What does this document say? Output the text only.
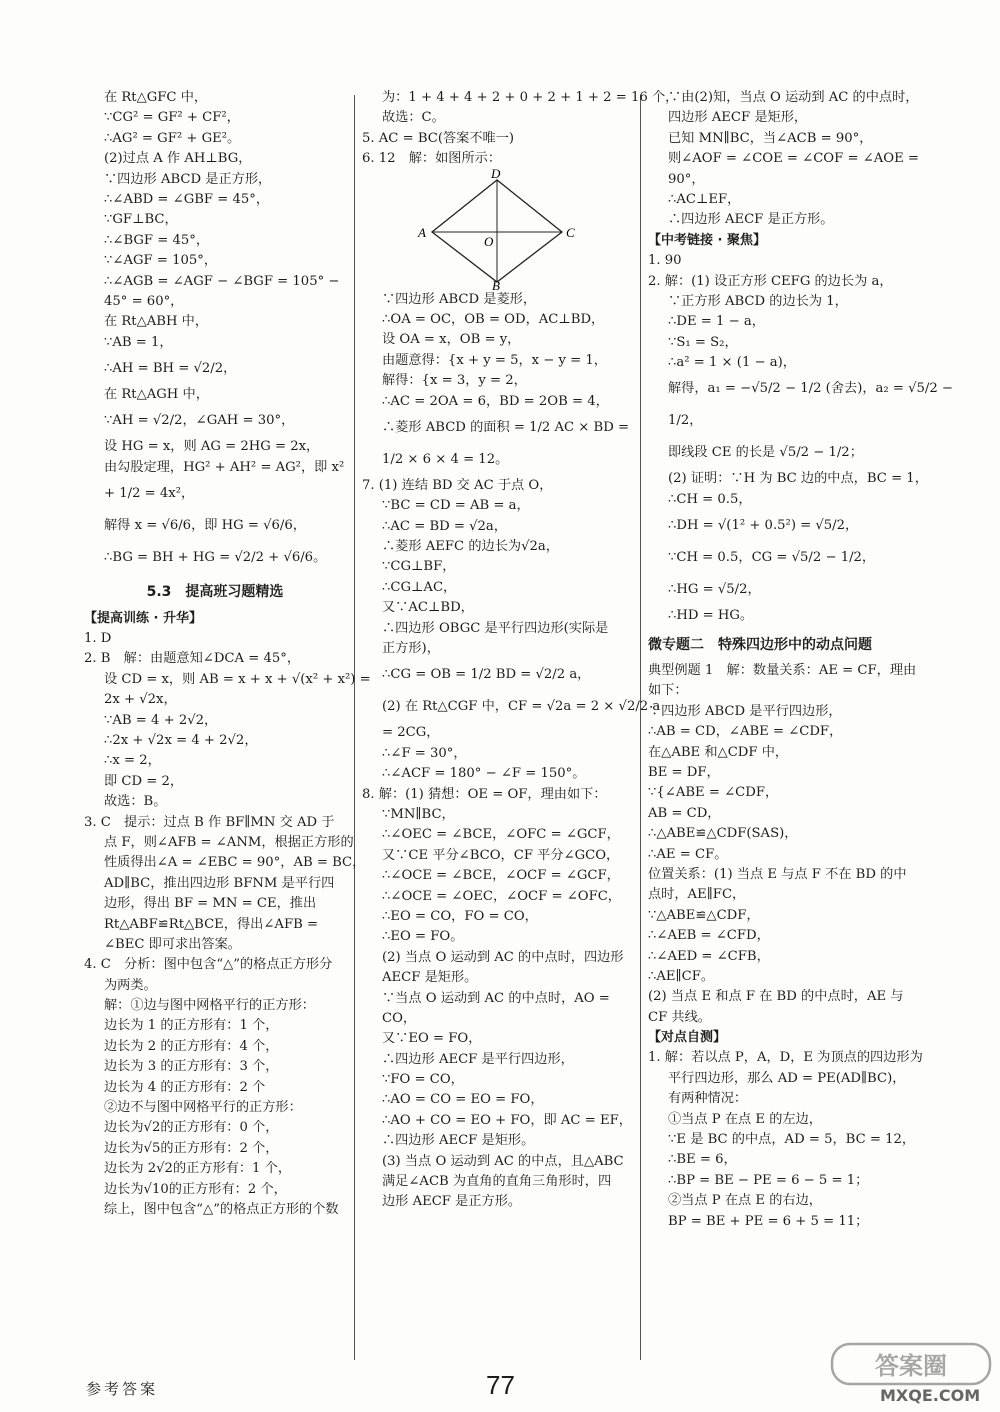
在 Rt△GFC 中，
∵CG² = GF² + CF²，
∴AG² = GF² + GE²。
(2)过点 A 作 AH⊥BG，
∵四边形 ABCD 是正方形，
∴∠ABD = ∠GBF = 45°，
∵GF⊥BC，
∴∠BGF = 45°，
∵∠AGF = 105°，
∴∠AGB = ∠AGF − ∠BGF = 105° −
45° = 60°，
在 Rt△ABH 中，
∵AB = 1，
∴AH = BH = √2/2，
在 Rt△AGH 中，
∵AH = √2/2，∠GAH = 30°，
设 HG = x，则 AG = 2HG = 2x，
由勾股定理，HG² + AH² = AG²，即 x²
+ 1/2 = 4x²，
解得 x = √6/6，即 HG = √6/6，
∴BG = BH + HG = √2/2 + √6/6。
5.3　提高班习题精选
【提高训练 · 升华】
1. D
2. B　解：由题意知∠DCA = 45°，
设 CD = x，则 AB = x + x + √(x² + x²) =
2x + √2x，
∵AB = 4 + 2√2，
∴2x + √2x = 4 + 2√2，
∴x = 2，
即 CD = 2，
故选：B。
3. C　提示：过点 B 作 BF∥MN 交 AD 于
点 F，则∠AFB = ∠ANM，根据正方形的
性质得出∠A = ∠EBC = 90°，AB = BC，
AD∥BC，推出四边形 BFNM 是平行四
边形，得出 BF = MN = CE，推出
Rt△ABF≌Rt△BCE，得出∠AFB =
∠BEC 即可求出答案。
4. C　分析：图中包含“△”的格点正方形分
为两类。
解：①边与图中网格平行的正方形：
边长为 1 的正方形有：1 个，
边长为 2 的正方形有：4 个，
边长为 3 的正方形有：3 个，
边长为 4 的正方形有：2 个
②边不与图中网格平行的正方形：
边长为√2的正方形有：0 个，
边长为√5的正方形有：2 个，
边长为 2√2的正方形有：1 个，
边长为√10的正方形有：2 个，
综上，图中包含“△”的格点正方形的个数
为：1 + 4 + 4 + 2 + 0 + 2 + 1 + 2 = 16 个，
故选：C。
5. AC = BC(答案不唯一)
6. 12　解：如图所示：
D
A
O
C
B
∵四边形 ABCD 是菱形，
∴OA = OC，OB = OD，AC⊥BD，
设 OA = x，OB = y，
由题意得：{x + y = 5，x − y = 1，
解得：{x = 3，y = 2，
∴AC = 2OA = 6，BD = 2OB = 4，
∴菱形 ABCD 的面积 = 1/2 AC × BD =
1/2 × 6 × 4 = 12。
7. (1) 连结 BD 交 AC 于点 O，
∵BC = CD = AB = a，
∴AC = BD = √2a，
∴菱形 AEFC 的边长为√2a，
∵CG⊥BF，
∴CG⊥AC，
又∵AC⊥BD，
∴四边形 OBGC 是平行四边形(实际是
正方形)，
∴CG = OB = 1/2 BD = √2/2 a，
(2) 在 Rt△CGF 中，CF = √2a = 2 × √2/2 a
= 2CG，
∴∠F = 30°，
∴∠ACF = 180° − ∠F = 150°。
8. 解：(1) 猜想：OE = OF，理由如下：
∵MN∥BC，
∴∠OEC = ∠BCE，∠OFC = ∠GCF，
又∵CE 平分∠BCO，CF 平分∠GCO，
∴∠OCE = ∠BCE，∠OCF = ∠GCF，
∴∠OCE = ∠OEC，∠OCF = ∠OFC，
∴EO = CO，FO = CO，
∴EO = FO。
(2) 当点 O 运动到 AC 的中点时，四边形
AECF 是矩形。
∵当点 O 运动到 AC 的中点时，AO =
CO，
又∵EO = FO，
∴四边形 AECF 是平行四边形，
∵FO = CO，
∴AO = CO = EO = FO，
∴AO + CO = EO + FO，即 AC = EF，
∴四边形 AECF 是矩形。
(3) 当点 O 运动到 AC 的中点，且△ABC
满足∠ACB 为直角的直角三角形时，四
边形 AECF 是正方形。
∵由(2)知，当点 O 运动到 AC 的中点时，
四边形 AECF 是矩形，
已知 MN∥BC，当∠ACB = 90°，
则∠AOF = ∠COE = ∠COF = ∠AOE =
90°，
∴AC⊥EF，
∴四边形 AECF 是正方形。
【中考链接 · 聚焦】
1. 90
2. 解：(1) 设正方形 CEFG 的边长为 a，
∵正方形 ABCD 的边长为 1，
∴DE = 1 − a，
∵S₁ = S₂，
∴a² = 1 × (1 − a)，
解得，a₁ = −√5/2 − 1/2 (舍去)，a₂ = √5/2 −
1/2，
即线段 CE 的长是 √5/2 − 1/2；
(2) 证明：∵H 为 BC 边的中点，BC = 1，
∴CH = 0.5，
∴DH = √(1² + 0.5²) = √5/2，
∵CH = 0.5，CG = √5/2 − 1/2，
∴HG = √5/2，
∴HD = HG。
微专题二　特殊四边形中的动点问题
典型例题 1　解：数量关系：AE = CF，理由
如下：
∵四边形 ABCD 是平行四边形，
∴AB = CD，∠ABE = ∠CDF，
在△ABE 和△CDF 中，
BE = DF，
∵{∠ABE = ∠CDF，
AB = CD，
∴△ABE≌△CDF(SAS)，
∴AE = CF。
位置关系：(1) 当点 E 与点 F 不在 BD 的中
点时，AE∥FC，
∵△ABE≌△CDF，
∴∠AEB = ∠CFD，
∴∠AED = ∠CFB，
∴AE∥CF。
(2) 当点 E 和点 F 在 BD 的中点时，AE 与
CF 共线。
【对点自测】
1. 解：若以点 P，A，D，E 为顶点的四边形为
平行四边形，那么 AD = PE(AD∥BC)，
有两种情况：
①当点 P 在点 E 的左边，
∵E 是 BC 的中点，AD = 5，BC = 12，
∴BE = 6，
∴BP = BE − PE = 6 − 5 = 1；
②当点 P 在点 E 的右边，
BP = BE + PE = 6 + 5 = 11；
参考答案	77
答案圈
MXQE.COM
